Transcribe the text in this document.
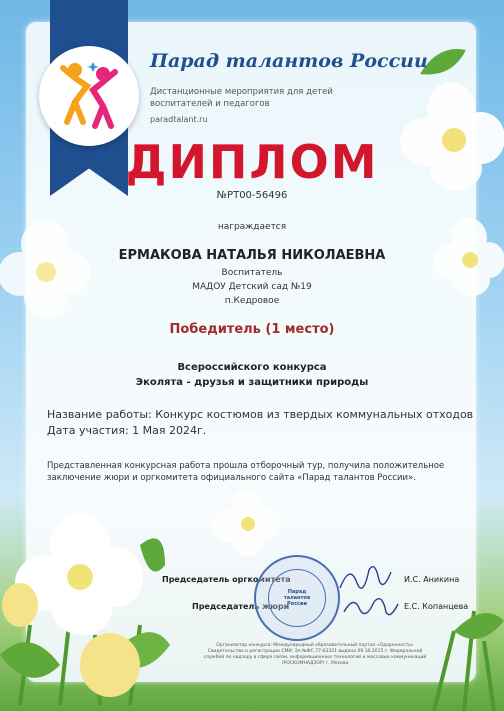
Парад талантов России
Дистанционные мероприятия для детей воспитателей и педагогов
paradtalant.ru
ДИПЛОМ
№РТ00-56496
награждается
ЕРМАКОВА НАТАЛЬЯ НИКОЛАЕВНА
Воспитатель
МАДОУ Детский сад №19
п.Кедровое
Победитель (1 место)
Всероссийского конкурса
Эколята - друзья и защитники природы
Название работы: Конкурс костюмов из твердых коммунальных отходов
Дата участия: 1 Мая 2024г.
Представленная конкурсная работа прошла отборочный тур, получила положительное заключение жюри и оргкомитета официального сайта «Парад талантов России».
Председатель оргкомитета	И.С. Аникина
Председатель жюри	Е.С. Копанцева
Парад
талантов
России
Организатор конкурса: Международный образовательный портал «Одаренность» Свидетельство о регистрации СМИ: Эл №ФС 77-63331 выдано 09.10.2015 г. Федеральной службой по надзору в сфере связи, информационных технологий и массовых коммуникаций (РОСКОМНАДЗОР) г. Москва
